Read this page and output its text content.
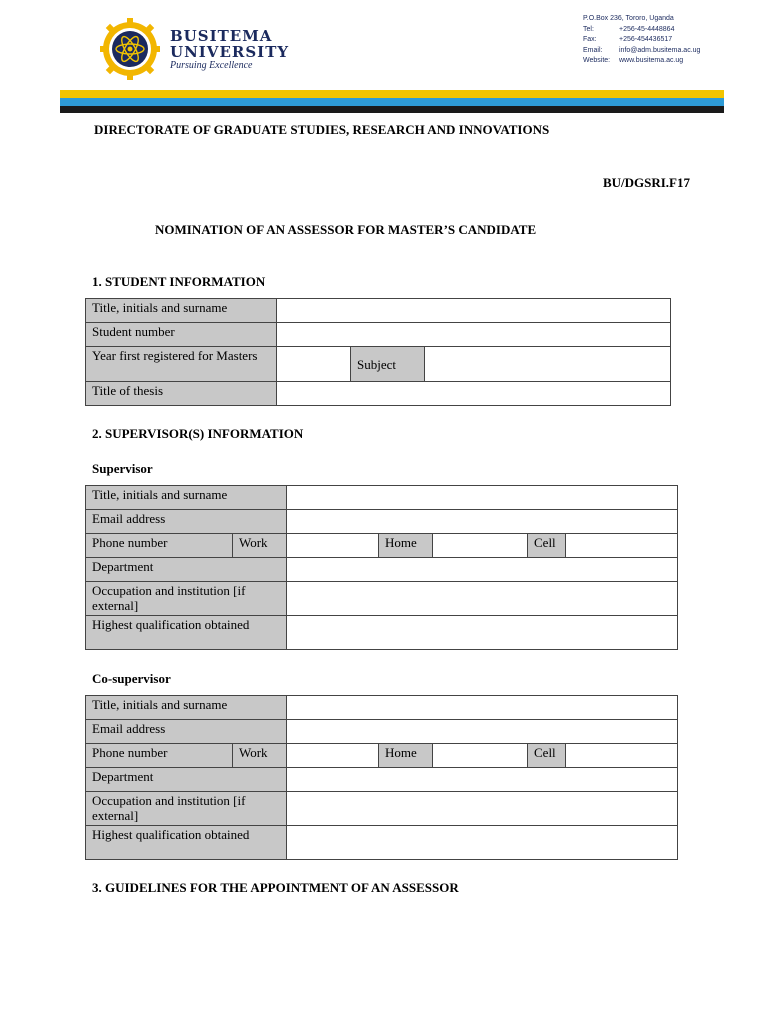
BUSITEMA
UNIVERSITY
Pursuing Excellence
P.O.Box 236, Tororo, Uganda
Tel:	+256-45-4448864
Fax:	+256-454436517
Email:	info@adm.busitema.ac.ug
Website:	www.busitema.ac.ug
DIRECTORATE OF GRADUATE STUDIES, RESEARCH AND INNOVATIONS
BU/DGSRI.F17
NOMINATION OF AN ASSESSOR FOR MASTER’S CANDIDATE
1. STUDENT INFORMATION
Title, initials and surname			
Student number			
Year first registered for Masters		Subject	
Title of thesis			
2. SUPERVISOR(S) INFORMATION
Supervisor
Title, initials and surname						
Email address						
Phone number	Work		Home		Cell	
Department						
Occupation and institution [if external]						
Highest qualification obtained						
Co-supervisor
Title, initials and surname						
Email address						
Phone number	Work		Home		Cell	
Department						
Occupation and institution [if external]						
Highest qualification obtained						
3. GUIDELINES FOR THE APPOINTMENT OF AN ASSESSOR
